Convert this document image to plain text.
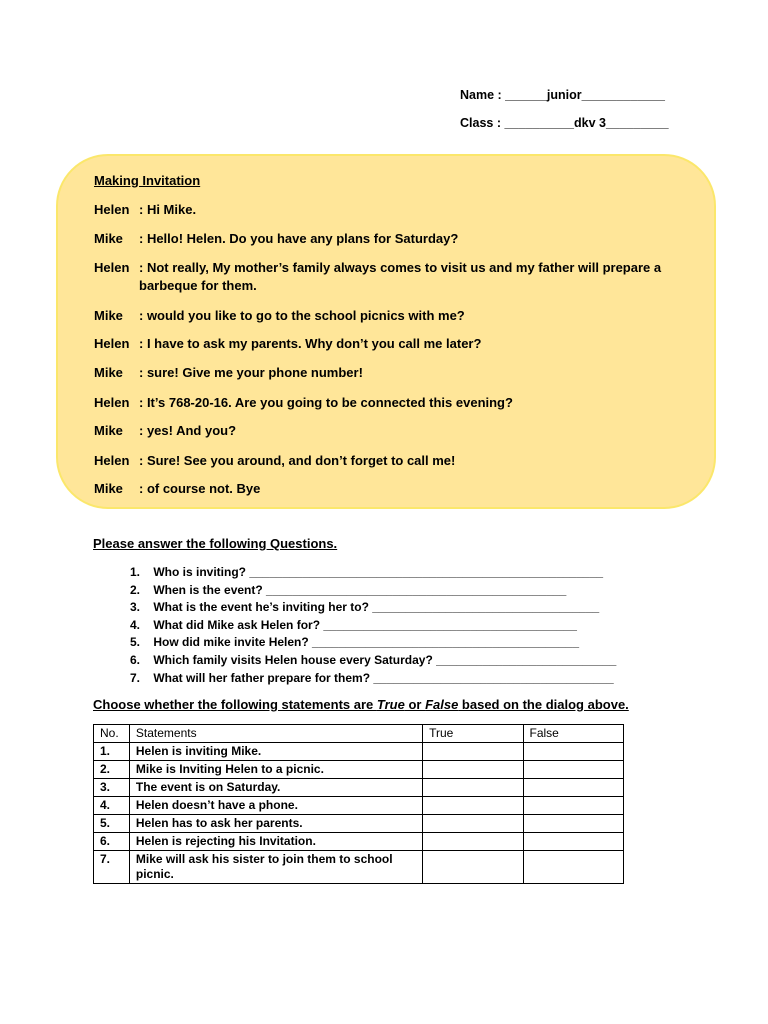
Name : ______junior____________
Class : __________dkv 3_________
Making Invitation
Helen : Hi Mike.
Mike	: Hello! Helen. Do you have any plans for Saturday?
Helen : Not really, My mother’s family always comes to visit us and my father will prepare a barbeque for them.
Mike	: would you like to go to the school picnics with me?
Helen : I have to ask my parents. Why don’t you call me later?
Mike	: sure! Give me your phone number!
Helen : It’s 768-20-16. Are you going to be connected this evening?
Mike	: yes! And you?
Helen : Sure! See you around, and don’t forget to call me!
Mike	: of course not. Bye
Please answer the following Questions.
1.
Who is inviting? _____________________________________________________
2.
When is the event? _____________________________________________
3.
What is the event he’s inviting her to? __________________________________
4.
What did Mike ask Helen for? ______________________________________
5.
How did mike invite Helen? ________________________________________
6.
Which family visits Helen house every Saturday? ___________________________
7.
What will her father prepare for them? ____________________________________
Choose whether the following statements are True or False based on the dialog above.
No.	Statements	True	False
1.	Helen is inviting Mike.		
2.	Mike is Inviting Helen to a picnic.		
3.	The event is on Saturday.		
4.	Helen doesn’t have a phone.		
5.	Helen has to ask her parents.		
6.	Helen is rejecting his Invitation.		
7.	Mike will ask his sister to join them to school picnic.		
